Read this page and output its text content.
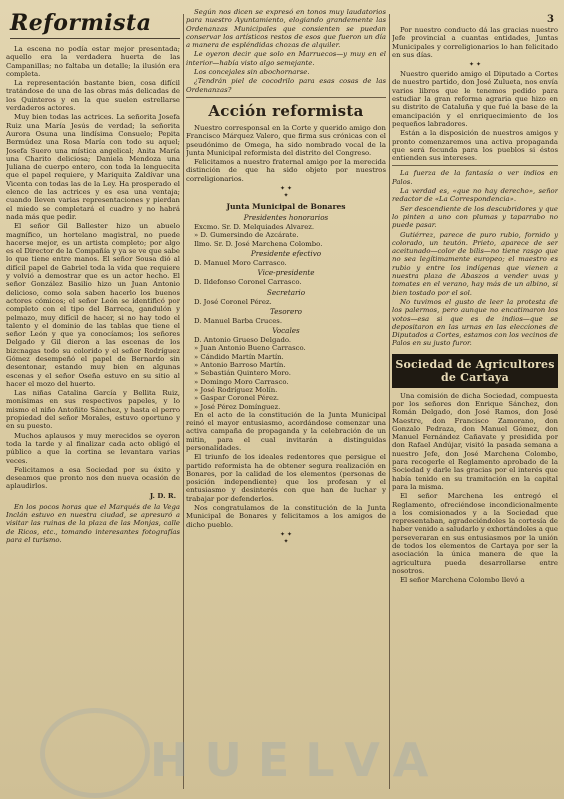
3
Reformista

La escena no podía estar mejor presentada; aquello era la verdadera huerta de las Campanillas; no faltaba un detalle; la ilusión era completa.

La representación bastante bien, cosa difícil tratándose de una de las obras más delicadas de los Quinteros y en la que suelen estrellarse verdaderos actores.

Muy bien todas las actrices. La señorita Josefa Ruiz una María Jesús de verdad; la señorita Aurora Osuna una lindísima Consuelo; Pepita Bermúdez una Rosa María con todo su aquel; Josefa Suero una mística angelical; Anita María una Charito deliciosa; Daniela Mendoza una Juliana de cuerpo entero, con toda la lenguecita que el papel requiere, y Mariquita Zaldívar una Vicenta con todas las de la Ley. Ha prosperado el elenco de las actrices y es esa una ventaja; cuando lleven varias representaciones y pierdan el miedo se completará el cuadro y no habrá nada más que pedir.

El señor Gil Ballester hizo un abuelo magnífico, un hortelano magistral, no puede hacerse mejor, es un artista completo; por algo es el Director de la Compañía y ya se ve que sabe lo que tiene entre manos. El señor Sousa dió al difícil papel de Gabriel toda la vida que requiere y volvió a demostrar que es un actor hecho. El señor González Basilio hizo un Juan Antonio delicioso, como sola saben hacerlo los buenos actores cómicos; el señor León se identificó por completo con el tipo del Barreca, gandulón y pelmazo, muy difícil de hacer, si no hay todo el talento y el dominio de las tablas que tiene el señor León y que ya conocíamos; los señores Delgado y Gil dieron a las escenas de los bizcnagas todo su colorido y el señor Rodríguez Gómez desempeñó el papel de Bernardo sin desentonar, estando muy bien en algunas escenas y el señor Oseña estuvo en su sitio al hacer el mozo del huerto.

Las niñas Catalina García y Bellita Ruiz, monísimas en sus respectivos papeles, y lo mismo el niño Antoñito Sánchez, y hasta el perro propiedad del señor Morales, estuvo oportuno y en su puesto.

Muchos aplausos y muy merecidos se oyeron toda la tarde y al finalizar cada acto obligó el público a que la cortina se levantara varias veces.

Felicitamos a esa Sociedad por su éxito y deseamos que pronto nos den nueva ocasión de aplaudirlos.

J. D. R.

En los pocos horas que el Marqués de la Vega Inclán estuvo en nuestra ciudad, se apresuró a visitar las ruinas de la plaza de las Monjas, calle de Ricos, etc., tomando interesantes fotografías para el turismo.

Según nos dicen se expresó en tonos muy laudatorios para nuestro Ayuntamiento, elogiando grandemente las Ordenanzas Municipales que consienten se puedan conservar los artísticos restos de esos que fueron un día a manera de espléndidas chozas de alquiler.

Le oyeron decir que solo en Marruecos—y muy en el interior—había visto algo semejante.

Los concejales sin abochornarse.

¿Tendrán piel de cocodrilo para esas cosas de las Ordenanzas?

Acción reformista

Nuestro corresponsal en la Corte y querido amigo don Francisco Márquez Valero, que firma sus crónicas con el pseudónimo de Omega, ha sido nombrado vocal de la Junta Municipal reformista del distrito del Congreso.

Felicitamos a nuestro fraternal amigo por la merecida distinción de que ha sido objeto por nuestros correligionarios.

✦ ✦
✦
Junta Municipal de Bonares
Presidentes honorarios
Excmo. Sr. D. Melquiades Alvarez.
» D. Gumersindo de Azcárate.
Ilmo. Sr. D. José Marchena Colombo.
Presidente efectivo
D. Manuel Moro Carrasco.
Vice-presidente
D. Ildefonso Coronel Carrasco.
Secretario
D. José Coronel Pérez.
Tesorero
D. Manuel Barba Cruces.
Vocales
D. Antonio Grueso Delgado.
» Juan Antonio Bueno Carrasco.
» Cándido Martín Martín.
» Antonio Barroso Martín.
» Sebastián Quintero Moro.
» Domingo Moro Carrasco.
» José Rodríguez Molín.
» Gaspar Coronel Pérez.
» José Pérez Domínguez.

En el acto de la constitución de la Junta Municipal reinó el mayor entusiasmo, acordándose comenzar una activa campaña de propaganda y la celebración de un mitin, para el cual invitarán a distinguidas personalidades.

El triunfo de los ideales redentores que persigue el partido reformista ha de obtener segura realización en Bonares, por la calidad de los elementos (personas de posición independiente) que los profesan y el entusiasmo y desinterés con que han de luchar y trabajar por defenderlos.

Nos congratulamos de la constitución de la Junta Municipal de Bonares y felicitamos a los amigos de dicho pueblo.

✦ ✦
✦

Por nuestro conducto dá las gracias nuestro Jefe provincial a cuantas entidades, Juntas Municipales y correligionarios lo han felicitado en sus días.

✦ ✦

Nuestro querido amigo el Diputado a Cortes de nuestro partido, don José Zulueta, nos envía varios libros que le tenemos pedido para estudiar la gran reforma agraria que hizo en su distrito de Cataluña y que fué la base de la emancipación y el enriquecimiento de los pequeños labradores.

Están a la disposición de nuestros amigos y pronto comenzaremos una activa propaganda que será fecunda para los pueblos si éstos entienden sus intereses.

La fuerza de la fantasía o ver indios en Palos.

La verdad es, «que no hay derecho», señor redactor de «La Correspondencia».

Ser descendiente de los descubridores y que lo pinten a uno con plumas y taparrabo no puede pasar.

Gutiérrez, parece de puro rubio, fornido y colorado, un teutón. Prieto, aparece de ser aceitunado—color de bilis—no tiene rasgo que no sea legítimamente europeo; el maestro es rubio y entre los indígenas que vienen a nuestra plaza de Abaszos a vender uvas y tomates en el verano, hay más de un albino, si bien tostado por el sol.

No tuvimos el gusto de leer la protesta de los palermos, pero aunque no encatimaron los votos—esa si que es de indios—que se depositaron en las urnas en las elecciones de Diputados a Cortes, estamos con los vecinos de Palos en su justo furor.

Sociedad de Agricultores de Cartaya

Una comisión de dicha Sociedad, compuesta por los señores don Enrique Sánchez, don Román Delgado, don José Ramos, don José Maestre, don Francisco Zamorano, don Gonzalo Pedraza, don Manuel Gómez, don Manuel Fernández Cañavate y presidida por don Rafael Andújar, visitó la pasada semana a nuestro Jefe, don José Marchena Colombo, para recogerle el Reglamento aprobado de la Sociedad y darle las gracias por el interés que había tenido en su tramitación en la capital para la misma.

El señor Marchena les entregó el Reglamento, ofreciéndose incondicionalmente a los comisionados y a la Sociedad que representaban, agradeciéndoles la cortesía de haber venido a saludarlo y exhortándoles a que perseveraran en sus entusiasmos por la unión de todos los elementos de Cartaya por ser la asociación la única manera de que la agricultura pueda desarrollarse entre nosotros.

El señor Marchena Colombo llevó a

HUELVA
